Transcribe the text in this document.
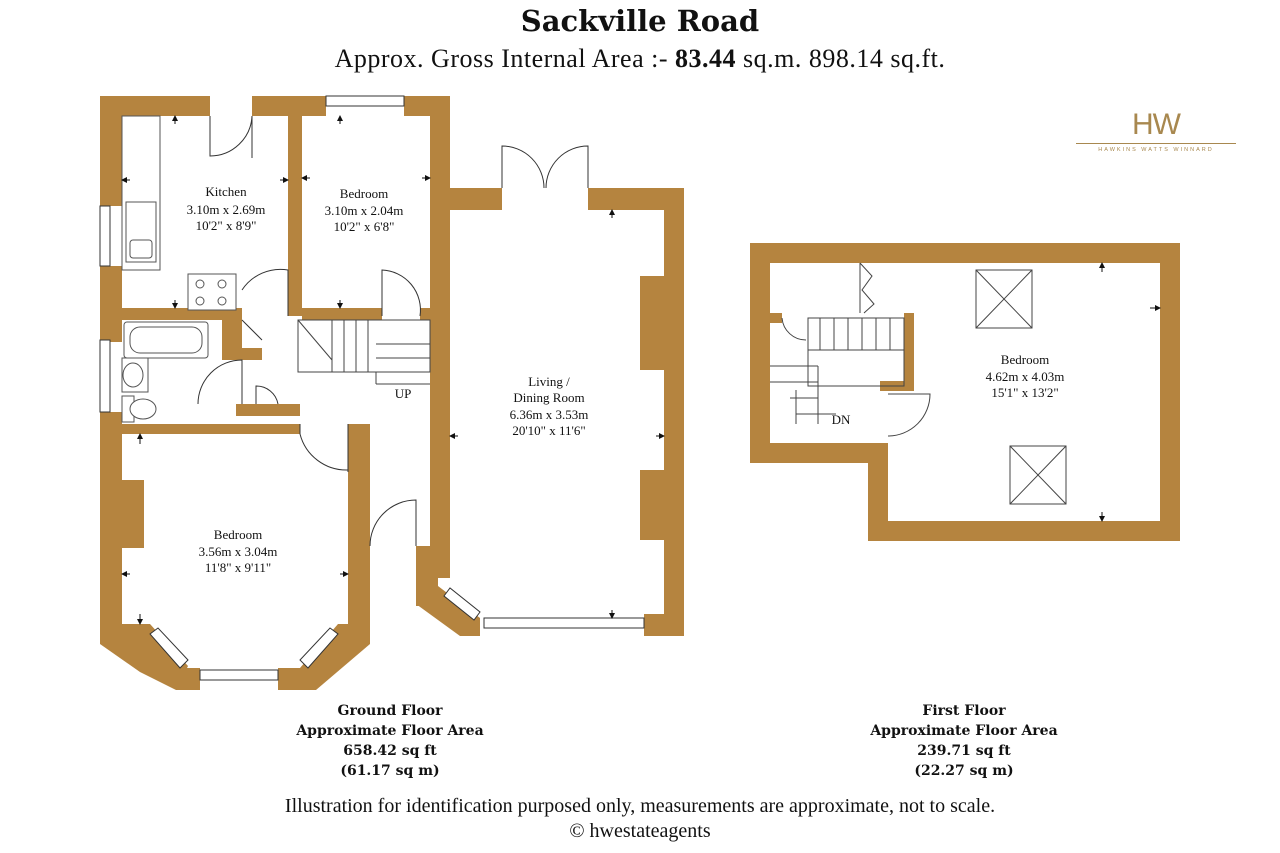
Sackville Road
Approx. Gross Internal Area :- 83.44 sq.m. 898.14 sq.ft.
HW
HAWKINS WATTS WINNARD
Kitchen
3.10m x 2.69m
10'2" x 8'9"
Bedroom
3.10m x 2.04m
10'2" x 6'8"
Living /
Dining Room
6.36m x 3.53m
20'10" x 11'6"
Bedroom
3.56m x 3.04m
11'8" x 9'11"
Bedroom
4.62m x 4.03m
15'1" x 13'2"
UP
DN
Ground Floor
Approximate Floor Area
658.42 sq ft
(61.17 sq m)
First Floor
Approximate Floor Area
239.71 sq ft
(22.27 sq m)
Illustration for identification purposed only, measurements are approximate, not to scale.
© hwestateagents
